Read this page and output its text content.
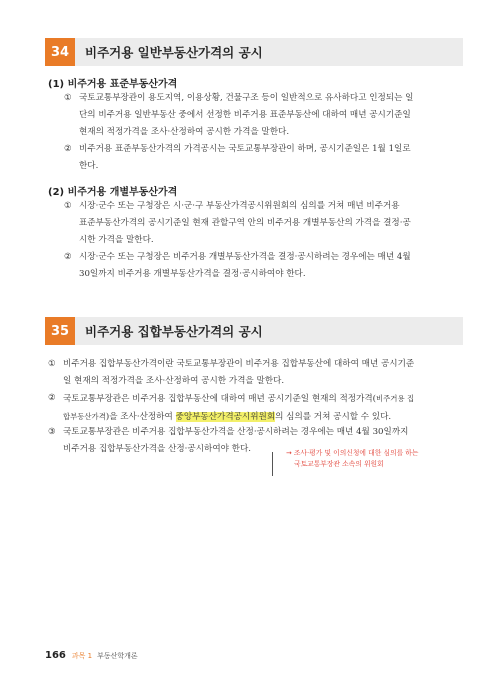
34	비주거용 일반부동산가격의 공시
(1) 비주거용 표준부동산가격
① 국토교통부장관이 용도지역, 이용상황, 건물구조 등이 일반적으로 유사하다고 인정되는 일
단의 비주거용 일반부동산 중에서 선정한 비주거용 표준부동산에 대하여 매년 공시기준일
현재의 적정가격을 조사·산정하여 공시한 가격을 말한다.
② 비주거용 표준부동산가격의 가격공시는 국토교통부장관이 하며, 공시기준일은 1월 1일로
한다.
(2) 비주거용 개별부동산가격
① 시장·군수 또는 구청장은 시·군·구 부동산가격공시위원회의 심의를 거쳐 매년 비주거용
표준부동산가격의 공시기준일 현재 관할구역 안의 비주거용 개별부동산의 가격을 결정·공
시한 가격을 말한다.
② 시장·군수 또는 구청장은 비주거용 개별부동산가격을 결정·공시하려는 경우에는 매년 4월
30일까지 비주거용 개별부동산가격을 결정·공시하여야 한다.
35	비주거용 집합부동산가격의 공시
① 비주거용 집합부동산가격이란 국토교통부장관이 비주거용 집합부동산에 대하여 매년 공시기준
일 현재의 적정가격을 조사·산정하여 공시한 가격을 말한다.
② 국토교통부장관은 비주거용 집합부동산에 대하여 매년 공시기준일 현재의 적정가격(비주거용 집
합부동산가격)을 조사·산정하여 중앙부동산가격공시위원회의 심의를 거쳐 공시할 수 있다.
③ 국토교통부장관은 비주거용 집합부동산가격을 산정·공시하려는 경우에는 매년 4월 30일까지
비주거용 집합부동산가격을 산정·공시하여야 한다.	→ 조사·평가 및 이의신청에 대한 심의를 하는
국토교통부장관 소속의 위원회
166 과목 1 부동산학개론
